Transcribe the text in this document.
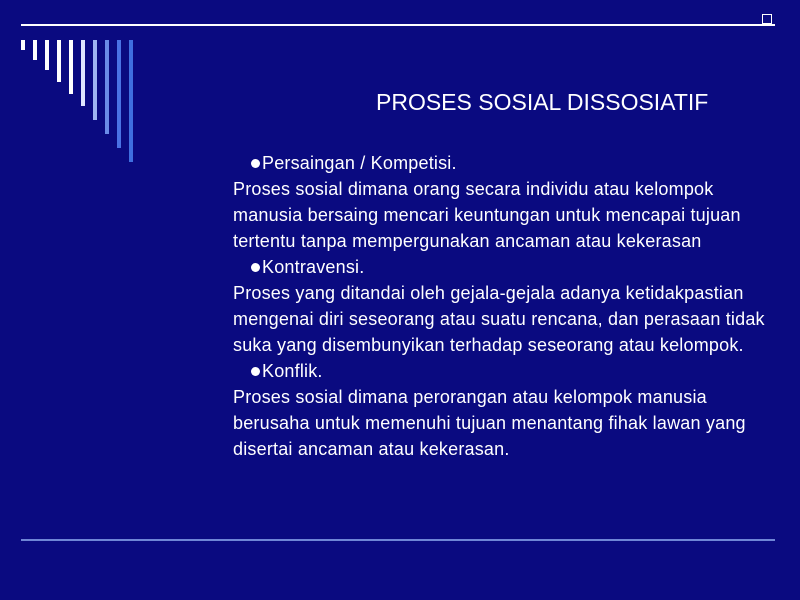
PROSES SOSIAL DISSOSIATIF
Persaingan / Kompetisi.

Proses sosial dimana orang secara individu atau kelompok manusia bersaing mencari keuntungan untuk mencapai tujuan tertentu tanpa mempergunakan ancaman atau kekerasan

Kontravensi.

Proses yang ditandai oleh gejala-gejala adanya ketidakpastian mengenai diri seseorang atau suatu rencana, dan perasaan tidak suka yang disembunyikan terhadap seseorang atau kelompok.

Konflik.

Proses sosial dimana perorangan atau kelompok manusia berusaha untuk memenuhi tujuan menantang fihak lawan yang disertai ancaman atau kekerasan.
